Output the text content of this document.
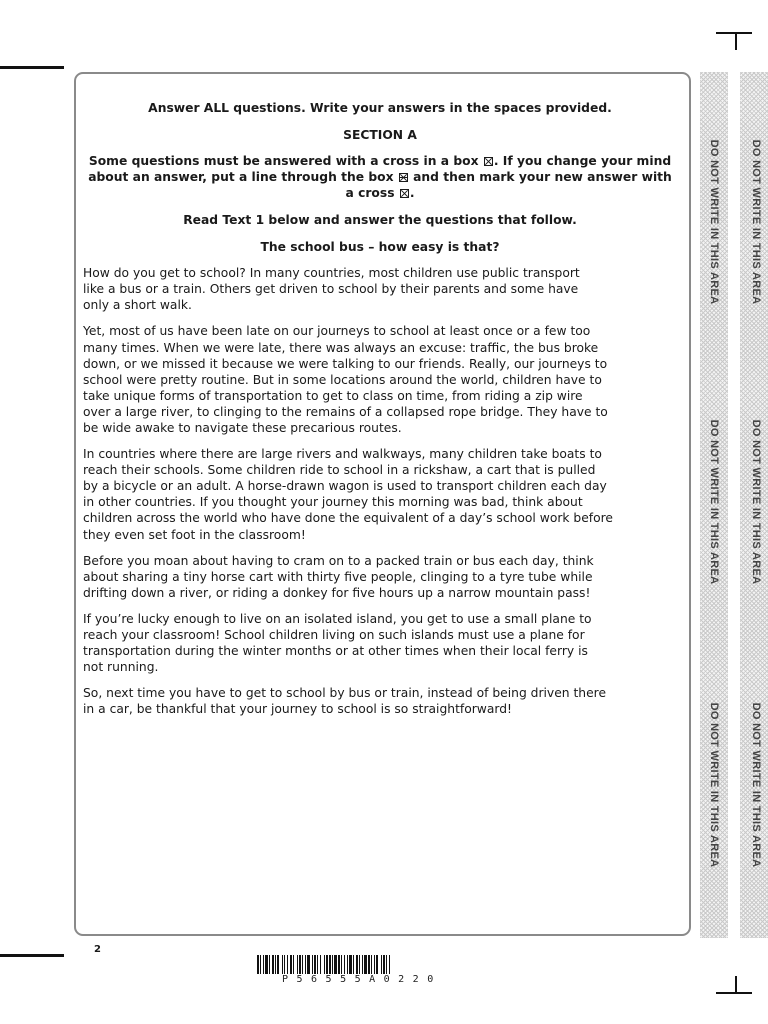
Answer ALL questions. Write your answers in the spaces provided.

SECTION A

Some questions must be answered with a cross in a box ☒. If you change your mind about an answer, put a line through the box
and then mark your new answer with a cross ☒.

Read Text 1 below and answer the questions that follow.

The school bus – how easy is that?

How do you get to school? In many countries, most children use public transport like a bus or a train. Others get driven to school by their parents and some have only a short walk.

Yet, most of us have been late on our journeys to school at least once or a few too many times. When we were late, there was always an excuse: traffic, the bus broke down, or we missed it because we were talking to our friends. Really, our journeys to school were pretty routine. But in some locations around the world, children have to take unique forms of transportation to get to class on time, from riding a zip wire over a large river, to clinging to the remains of a collapsed rope bridge. They have to be wide awake to navigate these precarious routes.

In countries where there are large rivers and walkways, many children take boats to reach their schools. Some children ride to school in a rickshaw, a cart that is pulled by a bicycle or an adult. A horse-drawn wagon is used to transport children each day in other countries. If you thought your journey this morning was bad, think about children across the world who have done the equivalent of a day’s school work before they even set foot in the classroom!

Before you moan about having to cram on to a packed train or bus each day, think about sharing a tiny horse cart with thirty five people, clinging to a tyre tube while drifting down a river, or riding a donkey for five hours up a narrow mountain pass!

If you’re lucky enough to live on an isolated island, you get to use a small plane to reach your classroom! School children living on such islands must use a plane for transportation during the winter months or at other times when their local ferry is not running.

So, next time you have to get to school by bus or train, instead of being driven there in a car, be thankful that your journey to school is so straightforward!

DO NOT WRITE IN THIS AREA
DO NOT WRITE IN THIS AREA
DO NOT WRITE IN THIS AREA
DO NOT WRITE IN THIS AREA
DO NOT WRITE IN THIS AREA
DO NOT WRITE IN THIS AREA
2
P56555A0220
